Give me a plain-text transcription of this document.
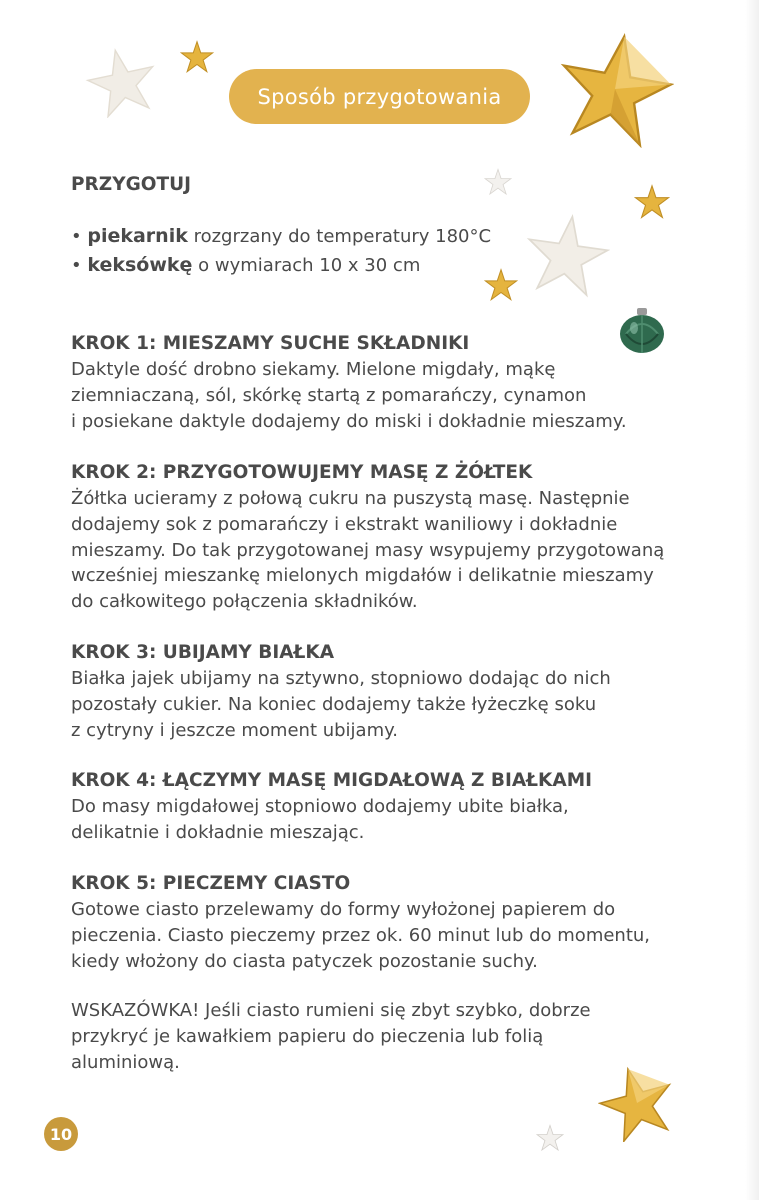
Sposób przygotowania
PRZYGOTUJ
• piekarnik rozgrzany do temperatury 180°C
• keksówkę o wymiarach 10 x 30 cm
KROK 1: MIESZAMY SUCHE SKŁADNIKI

Daktyle dość drobno siekamy. Mielone migdały, mąkę
ziemniaczaną, sól, skórkę startą z pomarańczy, cynamon
i posiekane daktyle dodajemy do miski i dokładnie mieszamy.

KROK 2: PRZYGOTOWUJEMY MASĘ Z ŻÓŁTEK

Żółtka ucieramy z połową cukru na puszystą masę. Następnie
dodajemy sok z pomarańczy i ekstrakt waniliowy i dokładnie
mieszamy. Do tak przygotowanej masy wsypujemy przygotowaną
wcześniej mieszankę mielonych migdałów i delikatnie mieszamy
do całkowitego połączenia składników.

KROK 3: UBIJAMY BIAŁKA

Białka jajek ubijamy na sztywno, stopniowo dodając do nich
pozostały cukier. Na koniec dodajemy także łyżeczkę soku
z cytryny i jeszcze moment ubijamy.

KROK 4: ŁĄCZYMY MASĘ MIGDAŁOWĄ Z BIAŁKAMI

Do masy migdałowej stopniowo dodajemy ubite białka,
delikatnie i dokładnie mieszając.

KROK 5: PIECZEMY CIASTO

Gotowe ciasto przelewamy do formy wyłożonej papierem do
pieczenia. Ciasto pieczemy przez ok. 60 minut lub do momentu,
kiedy włożony do ciasta patyczek pozostanie suchy.

WSKAZÓWKA! Jeśli ciasto rumieni się zbyt szybko, dobrze
przykryć je kawałkiem papieru do pieczenia lub folią
aluminiową.

10
